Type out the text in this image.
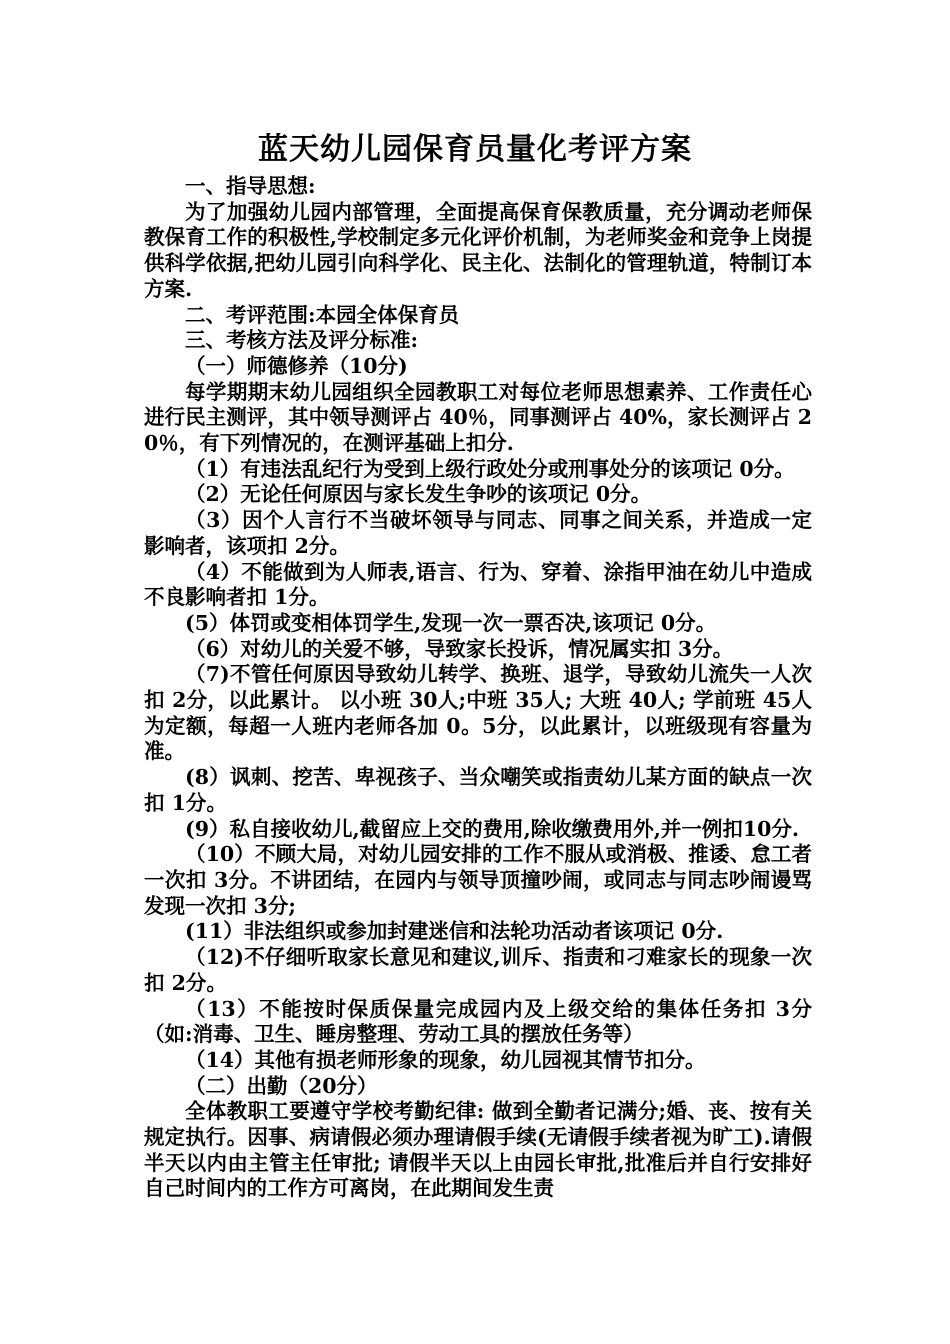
蓝天幼儿园保育员量化考评方案

一、指导思想:

为了加强幼儿园内部管理，全面提高保育保教质量，充分调动老师保教保育工作的积极性,学校制定多元化评价机制，为老师奖金和竞争上岗提供科学依据,把幼儿园引向科学化、民主化、法制化的管理轨道，特制订本方案.

二、考评范围:本园全体保育员

三、考核方法及评分标准:

（一）师德修养（10分)

每学期期末幼儿园组织全园教职工对每位老师思想素养、工作责任心进行民主测评，其中领导测评占 40％，同事测评占 40%，家长测评占 20％，有下列情况的，在测评基础上扣分.

（1）有违法乱纪行为受到上级行政处分或刑事处分的该项记 0分。

（2）无论任何原因与家长发生争吵的该项记 0分。

（3）因个人言行不当破坏领导与同志、同事之间关系，并造成一定影响者，该项扣 2分。

（4）不能做到为人师表,语言、行为、穿着、涂指甲油在幼儿中造成不良影响者扣 1分。

(5）体罚或变相体罚学生,发现一次一票否决,该项记 0分。

（6）对幼儿的关爱不够，导致家长投诉，情况属实扣 3分。

（7)不管任何原因导致幼儿转学、换班、退学，导致幼儿流失一人次扣 2分，以此累计。 以小班 30人;中班 35人; 大班 40人; 学前班 45人为定额，每超一人班内老师各加 0。5分，以此累计，以班级现有容量为准。

(8）讽刺、挖苦、卑视孩子、当众嘲笑或指责幼儿某方面的缺点一次扣 1分。

(9）私自接收幼儿,截留应上交的费用,除收缴费用外,并一例扣10分.

（10）不顾大局，对幼儿园安排的工作不服从或消极、推诿、怠工者一次扣 3分。不讲团结，在园内与领导顶撞吵闹，或同志与同志吵闹谩骂发现一次扣 3分;

(11）非法组织或参加封建迷信和法轮功活动者该项记 0分.

（12)不仔细听取家长意见和建议,训斥、指责和刁难家长的现象一次扣 2分。

（13）不能按时保质保量完成园内及上级交给的集体任务扣 3分（如:消毒、卫生、睡房整理、劳动工具的摆放任务等）

（14）其他有损老师形象的现象，幼儿园视其情节扣分。

（二）出勤（20分）

全体教职工要遵守学校考勤纪律: 做到全勤者记满分;婚、丧、按有关规定执行。因事、病请假必须办理请假手续(无请假手续者视为旷工).请假半天以内由主管主任审批; 请假半天以上由园长审批,批准后并自行安排好自己时间内的工作方可离岗，在此期间发生责
